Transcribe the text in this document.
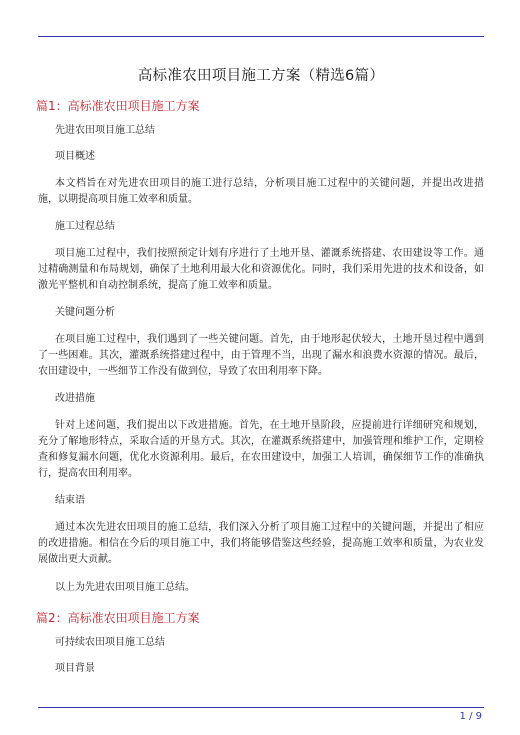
高标准农田项目施工方案（精选6篇）
篇1：高标准农田项目施工方案
先进农田项目施工总结
项目概述

本文档旨在对先进农田项目的施工进行总结，分析项目施工过程中的关键问题，并提出改进措施，以期提高项目施工效率和质量。

施工过程总结

项目施工过程中，我们按照预定计划有序进行了土地开垦、灌溉系统搭建、农田建设等工作。通过精确测量和布局规划，确保了土地利用最大化和资源优化。同时，我们采用先进的技术和设备，如激光平整机和自动控制系统，提高了施工效率和质量。

关键问题分析

在项目施工过程中，我们遇到了一些关键问题。首先，由于地形起伏较大，土地开垦过程中遇到了一些困难。其次，灌溉系统搭建过程中，由于管理不当，出现了漏水和浪费水资源的情况。最后，农田建设中，一些细节工作没有做到位，导致了农田利用率下降。

改进措施

针对上述问题，我们提出以下改进措施。首先，在土地开垦阶段，应提前进行详细研究和规划，充分了解地形特点，采取合适的开垦方式。其次，在灌溉系统搭建中，加强管理和维护工作，定期检查和修复漏水问题，优化水资源利用。最后，在农田建设中，加强工人培训，确保细节工作的准确执行，提高农田利用率。

结束语

通过本次先进农田项目的施工总结，我们深入分析了项目施工过程中的关键问题，并提出了相应的改进措施。相信在今后的项目施工中，我们将能够借鉴这些经验，提高施工效率和质量，为农业发展做出更大贡献。

以上为先进农田项目施工总结。

篇2：高标准农田项目施工方案
可持续农田项目施工总结
项目背景
1 / 9
